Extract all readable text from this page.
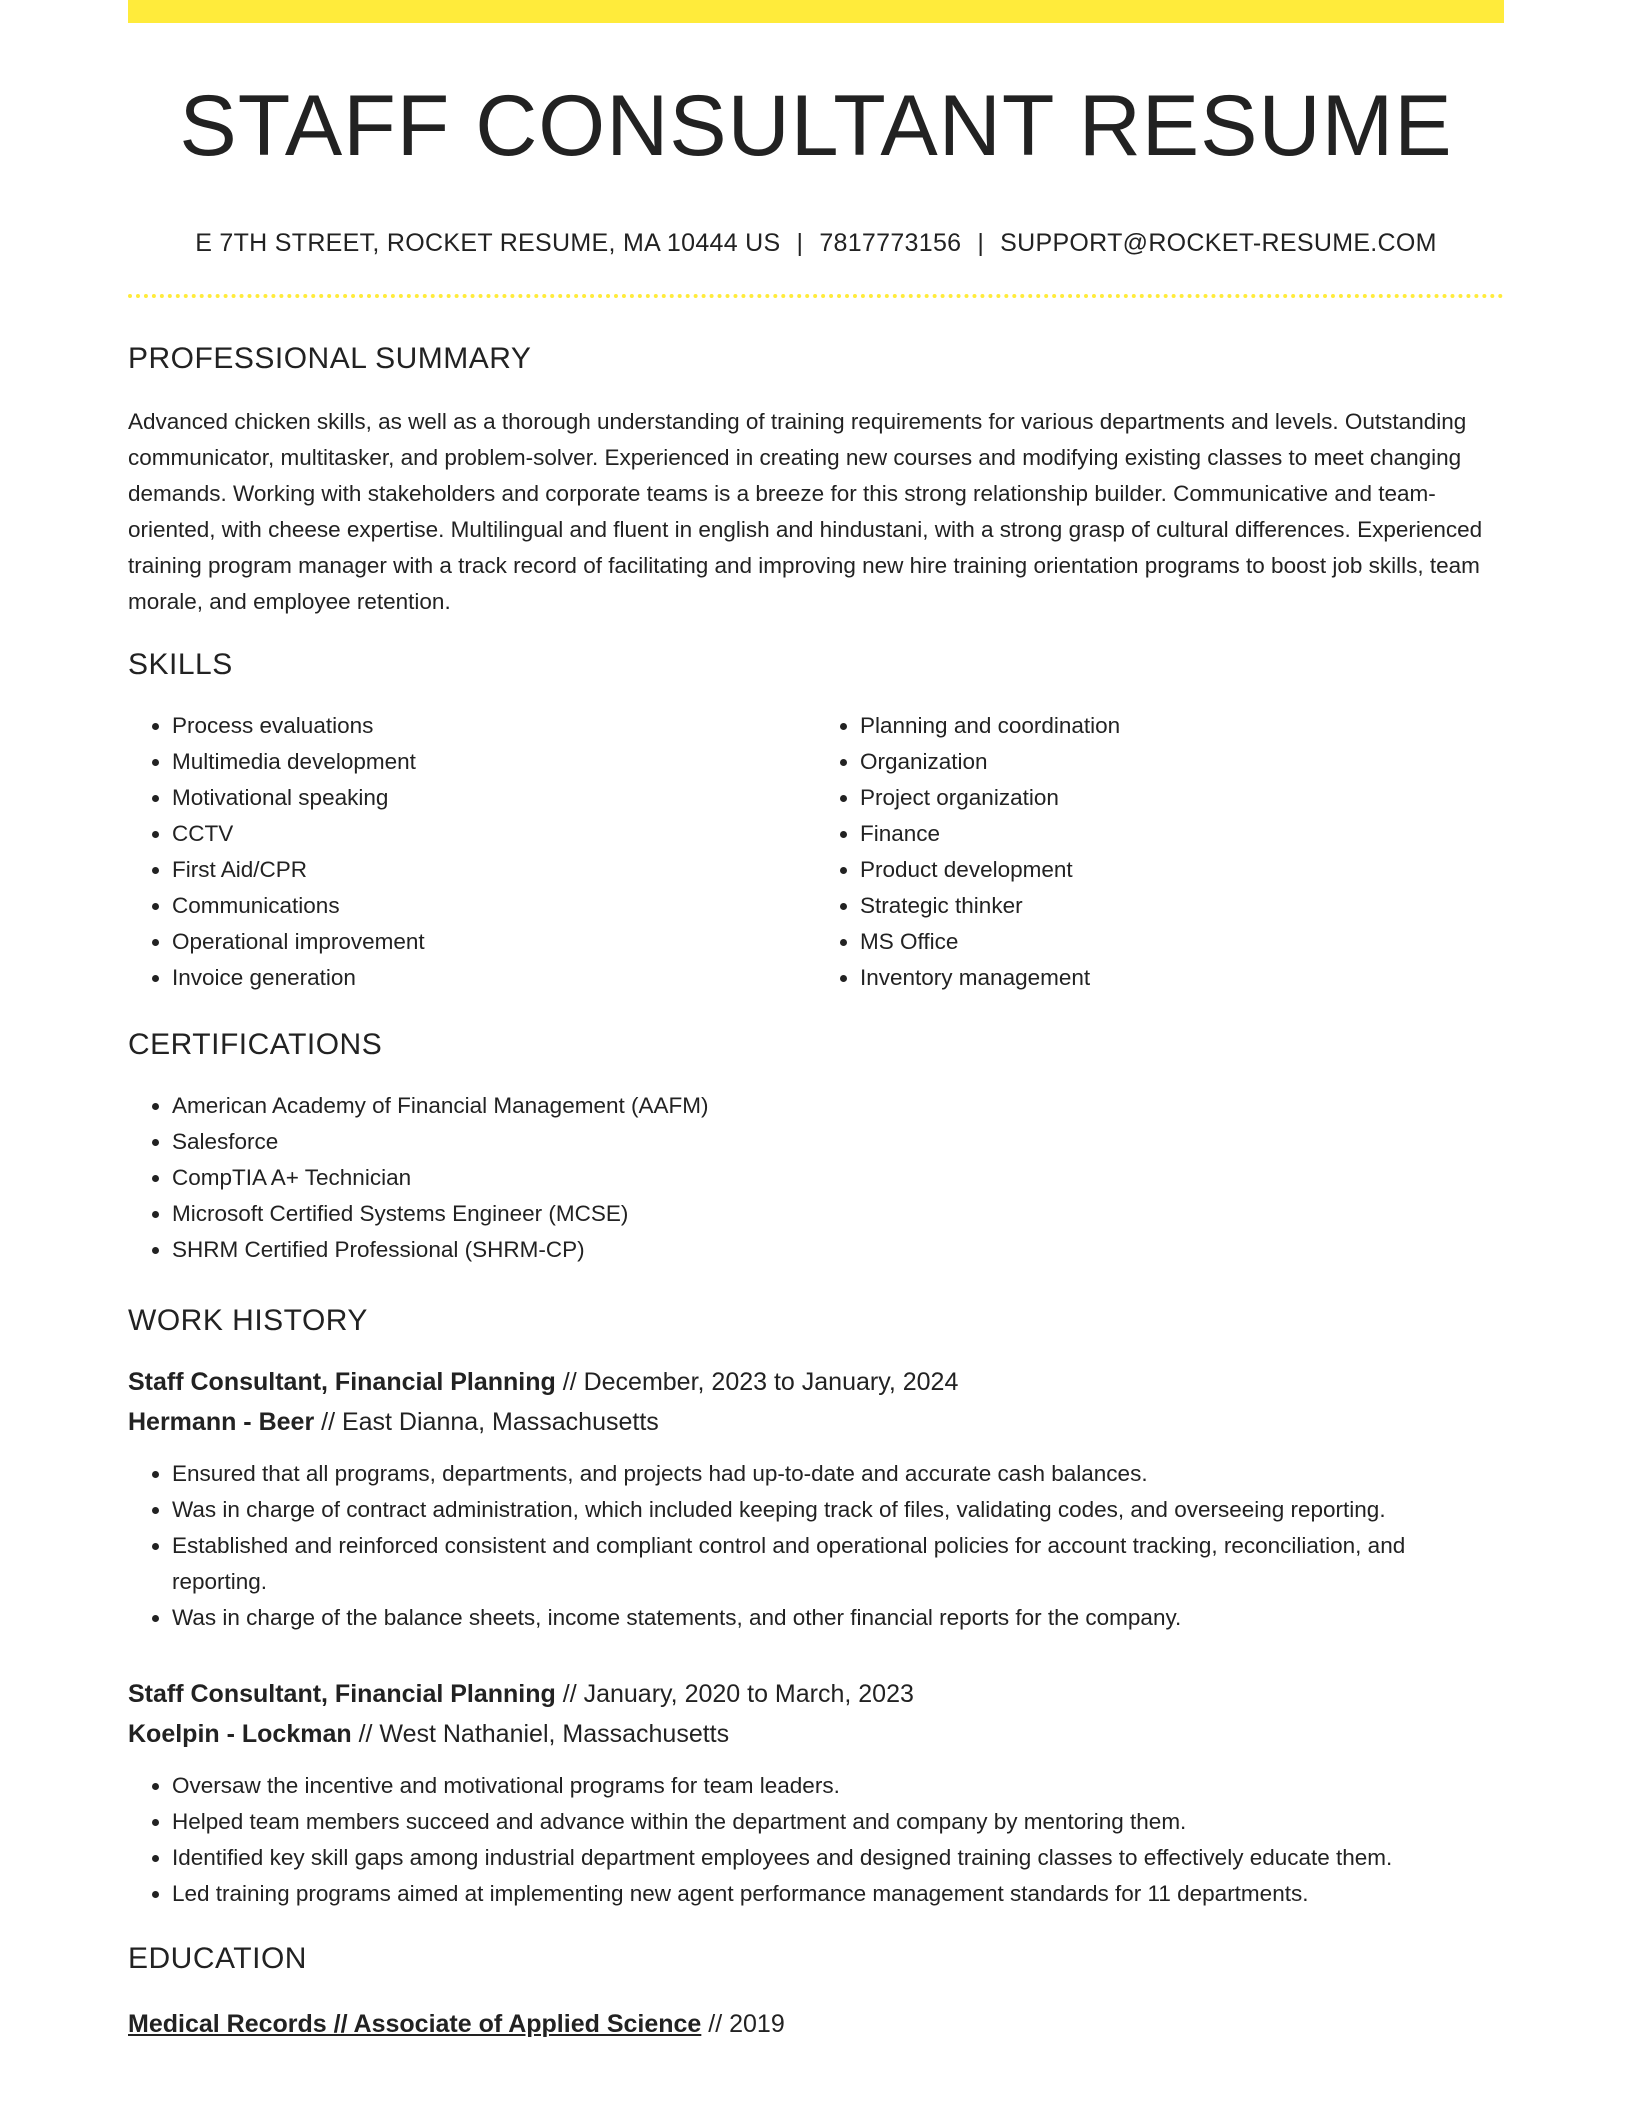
STAFF CONSULTANT RESUME
E 7TH STREET, ROCKET RESUME, MA 10444 US | 7817773156 | SUPPORT@ROCKET-RESUME.COM
PROFESSIONAL SUMMARY
Advanced chicken skills, as well as a thorough understanding of training requirements for various departments and levels. Outstanding communicator, multitasker, and problem-solver. Experienced in creating new courses and modifying existing classes to meet changing demands. Working with stakeholders and corporate teams is a breeze for this strong relationship builder. Communicative and team-oriented, with cheese expertise. Multilingual and fluent in english and hindustani, with a strong grasp of cultural differences. Experienced training program manager with a track record of facilitating and improving new hire training orientation programs to boost job skills, team morale, and employee retention.
SKILLS
• Process evaluations
• Multimedia development
• Motivational speaking
• CCTV
• First Aid/CPR
• Communications
• Operational improvement
• Invoice generation
• Planning and coordination
• Organization
• Project organization
• Finance
• Product development
• Strategic thinker
• MS Office
• Inventory management
CERTIFICATIONS
• American Academy of Financial Management (AAFM)
• Salesforce
• CompTIA A+ Technician
• Microsoft Certified Systems Engineer (MCSE)
• SHRM Certified Professional (SHRM-CP)
WORK HISTORY
Staff Consultant, Financial Planning // December, 2023 to January, 2024
Hermann - Beer // East Dianna, Massachusetts
• Ensured that all programs, departments, and projects had up-to-date and accurate cash balances.
• Was in charge of contract administration, which included keeping track of files, validating codes, and overseeing reporting.
• Established and reinforced consistent and compliant control and operational policies for account tracking, reconciliation, and reporting.
• Was in charge of the balance sheets, income statements, and other financial reports for the company.
Staff Consultant, Financial Planning // January, 2020 to March, 2023
Koelpin - Lockman // West Nathaniel, Massachusetts
• Oversaw the incentive and motivational programs for team leaders.
• Helped team members succeed and advance within the department and company by mentoring them.
• Identified key skill gaps among industrial department employees and designed training classes to effectively educate them.
• Led training programs aimed at implementing new agent performance management standards for 11 departments.
EDUCATION
Medical Records // Associate of Applied Science // 2019
